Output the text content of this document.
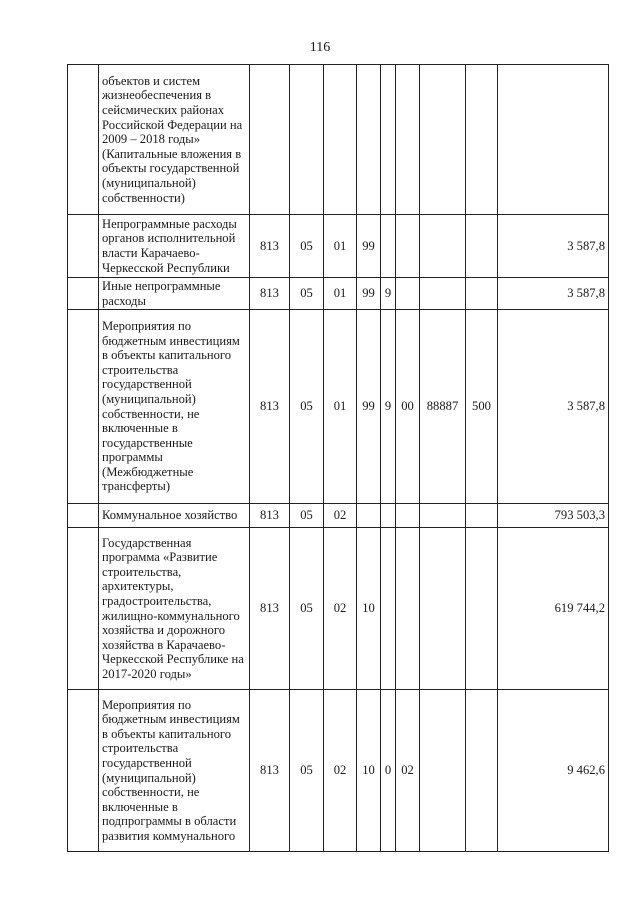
116
	объектов и систем жизнеобеспечения в сейсмических районах Российской Федерации на 2009 – 2018 годы» (Капитальные вложения в объекты государственной (муниципальной) собственности)									
	Непрограммные расходы органов исполнительной власти Карачаево-Черкесской Республики	813	05	01	99					3 587,8
	Иные непрограммные расходы	813	05	01	99	9				3 587,8
	Мероприятия по бюджетным инвестициям в объекты капитального строительства государственной (муниципальной) собственности, не включенные в государственные программы (Межбюджетные трансферты)	813	05	01	99	9	00	88887	500	3 587,8
	Коммунальное хозяйство	813	05	02						793 503,3
	Государственная программа «Развитие строительства, архитектуры, градостроительства, жилищно-коммунального хозяйства и дорожного хозяйства в Карачаево-Черкесской Республике на 2017-2020 годы»	813	05	02	10					619 744,2
	Мероприятия по бюджетным инвестициям в объекты капитального строительства государственной (муниципальной) собственности, не включенные в подпрограммы в области развития коммунального	813	05	02	10	0	02			9 462,6
